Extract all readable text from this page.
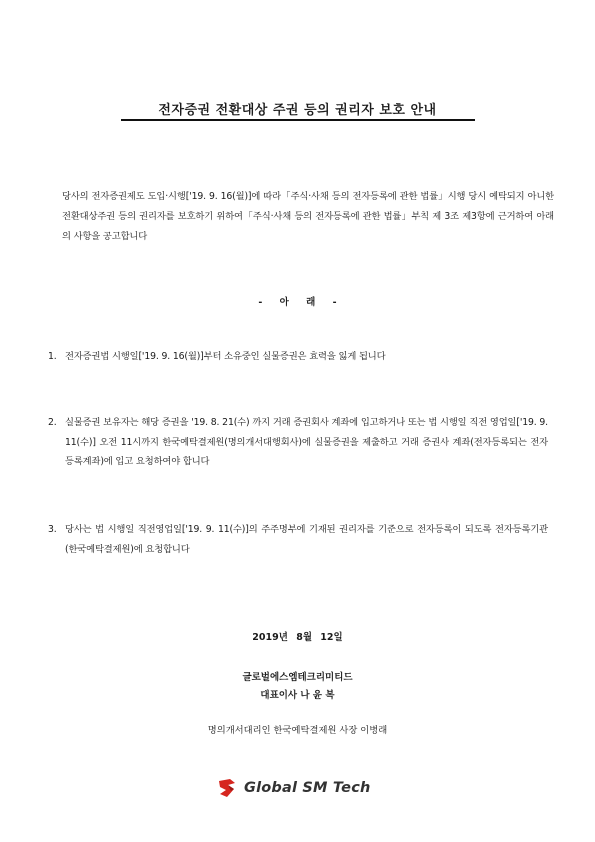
전자증권 전환대상 주권 등의 권리자 보호 안내
당사의 전자증권제도 도입·시행['19. 9. 16(월)]에 따라「주식·사채 등의 전자등록에 관한 법률」시행 당시 예탁되지 아니한 전환대상주권 등의 권리자를 보호하기 위하여「주식·사채 등의 전자등록에 관한 법률」부칙 제 3조 제3항에 근거하여 아래의 사항을 공고합니다
- 아 래 -
1. 전자증권법 시행일['19. 9. 16(월)]부터 소유중인 실물증권은 효력을 잃게 됩니다
2. 실물증권 보유자는 해당 증권을 '19. 8. 21(수) 까지 거래 증권회사 계좌에 입고하거나 또는 법 시행일 직전 영업일['19. 9. 11(수)] 오전 11시까지 한국예탁결제원(명의개서대행회사)에 실물증권을 제출하고 거래 증권사 계좌(전자등록되는 전자등록계좌)에 입고 요청하여야 합니다
3. 당사는 법 시행일 직전영업일['19. 9. 11(수)]의 주주명부에 기재된 권리자를 기준으로 전자등록이 되도록 전자등록기관(한국예탁결제원)에 요청합니다
2019년 8월 12일
글로벌에스엠테크리미티드
대표이사 나 윤 복
명의개서대리인 한국예탁결제원 사장 이병래
Global SM Tech
